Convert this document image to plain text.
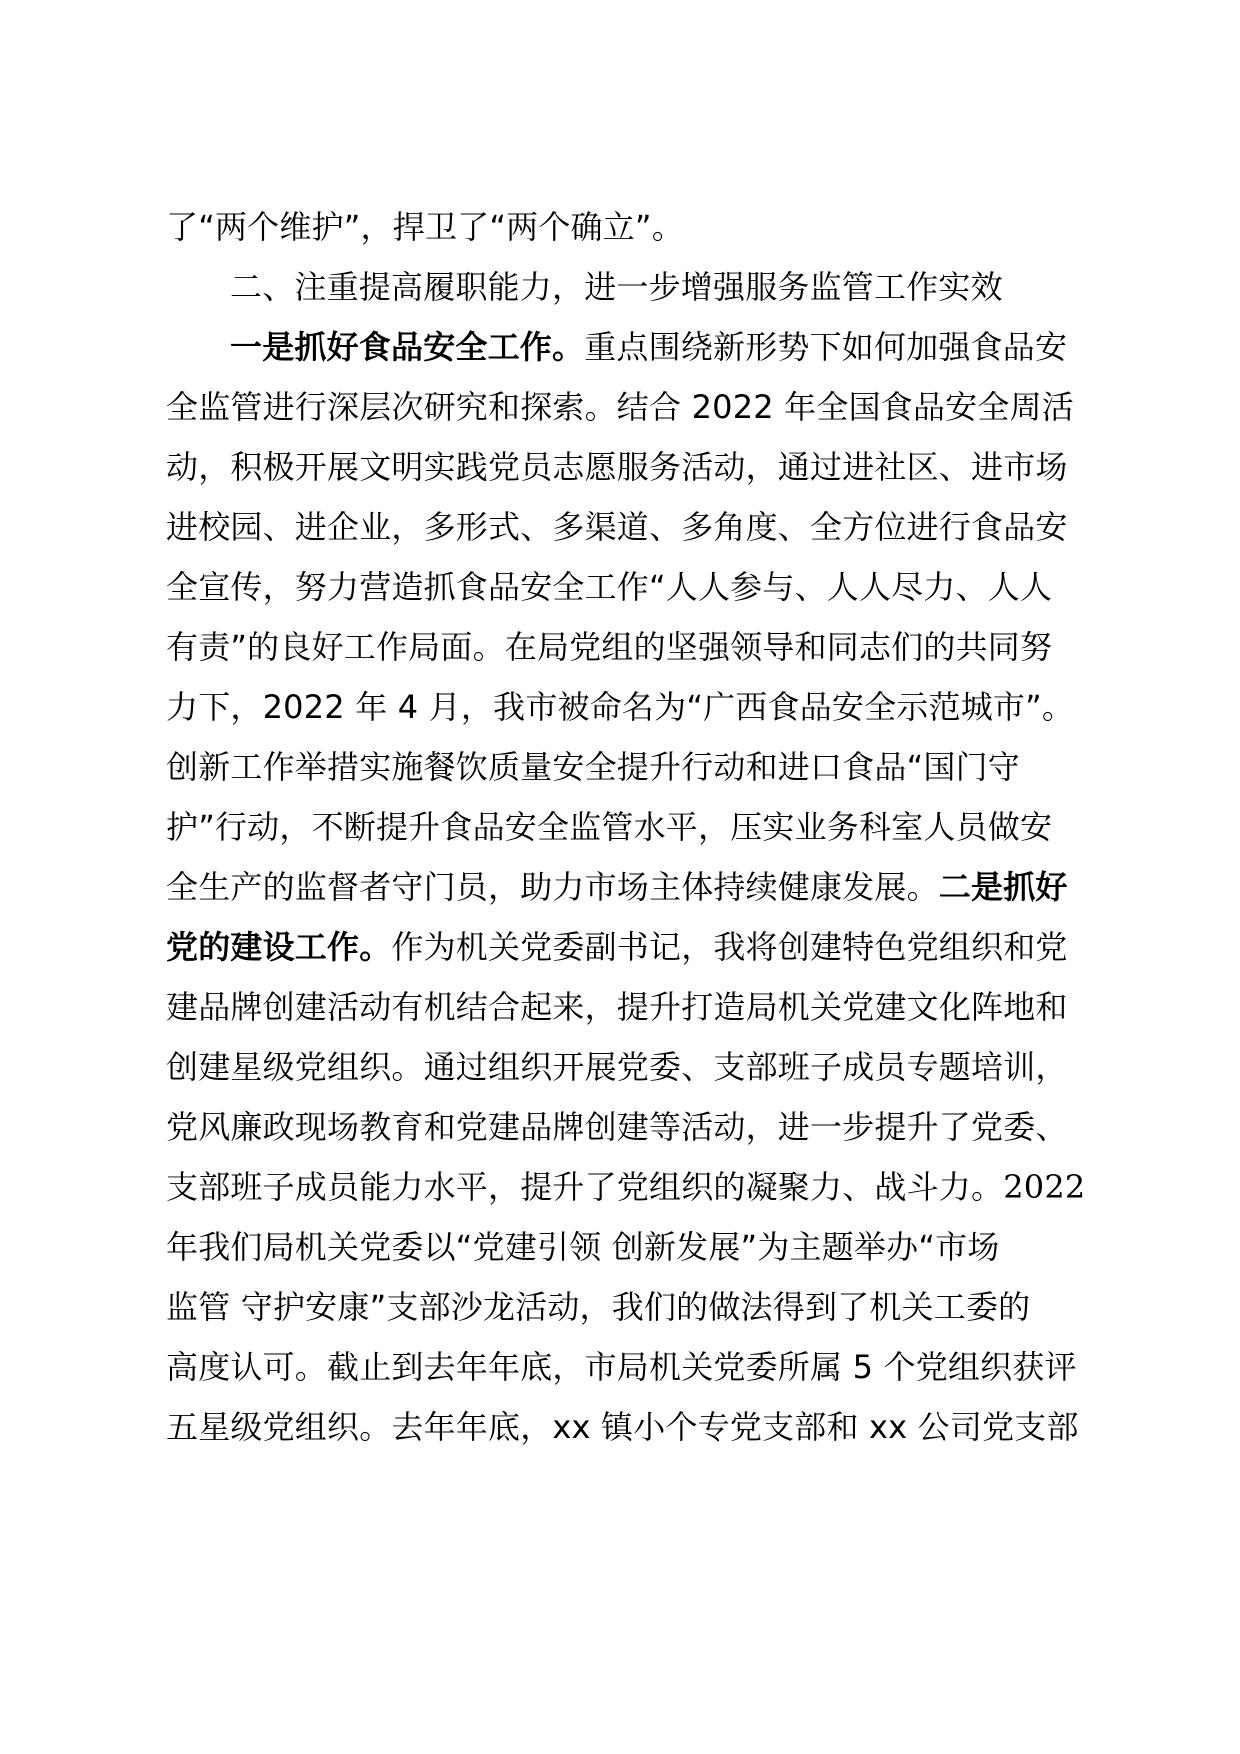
了“两个维护”，捍卫了“两个确立”。
二、注重提高履职能力，进一步增强服务监管工作实效
一是抓好食品安全工作。重点围绕新形势下如何加强食品安
全监管进行深层次研究和探索。结合 2022 年全国食品安全周活
动，积极开展文明实践党员志愿服务活动，通过进社区、进市场
进校园、进企业，多形式、多渠道、多角度、全方位进行食品安
全宣传，努力营造抓食品安全工作“人人参与、人人尽力、人人
有责”的良好工作局面。在局党组的坚强领导和同志们的共同努
力下，2022 年 4 月，我市被命名为“广西食品安全示范城市”。
创新工作举措实施餐饮质量安全提升行动和进口食品“国门守
护”行动，不断提升食品安全监管水平，压实业务科室人员做安
全生产的监督者守门员，助力市场主体持续健康发展。二是抓好
党的建设工作。作为机关党委副书记，我将创建特色党组织和党
建品牌创建活动有机结合起来，提升打造局机关党建文化阵地和
创建星级党组织。通过组织开展党委、支部班子成员专题培训，
党风廉政现场教育和党建品牌创建等活动，进一步提升了党委、
支部班子成员能力水平，提升了党组织的凝聚力、战斗力。2022
年我们局机关党委以“党建引领 创新发展”为主题举办“市场
监管 守护安康”支部沙龙活动，我们的做法得到了机关工委的
高度认可。截止到去年年底，市局机关党委所属 5 个党组织获评
五星级党组织。去年年底，xx 镇小个专党支部和 xx 公司党支部
